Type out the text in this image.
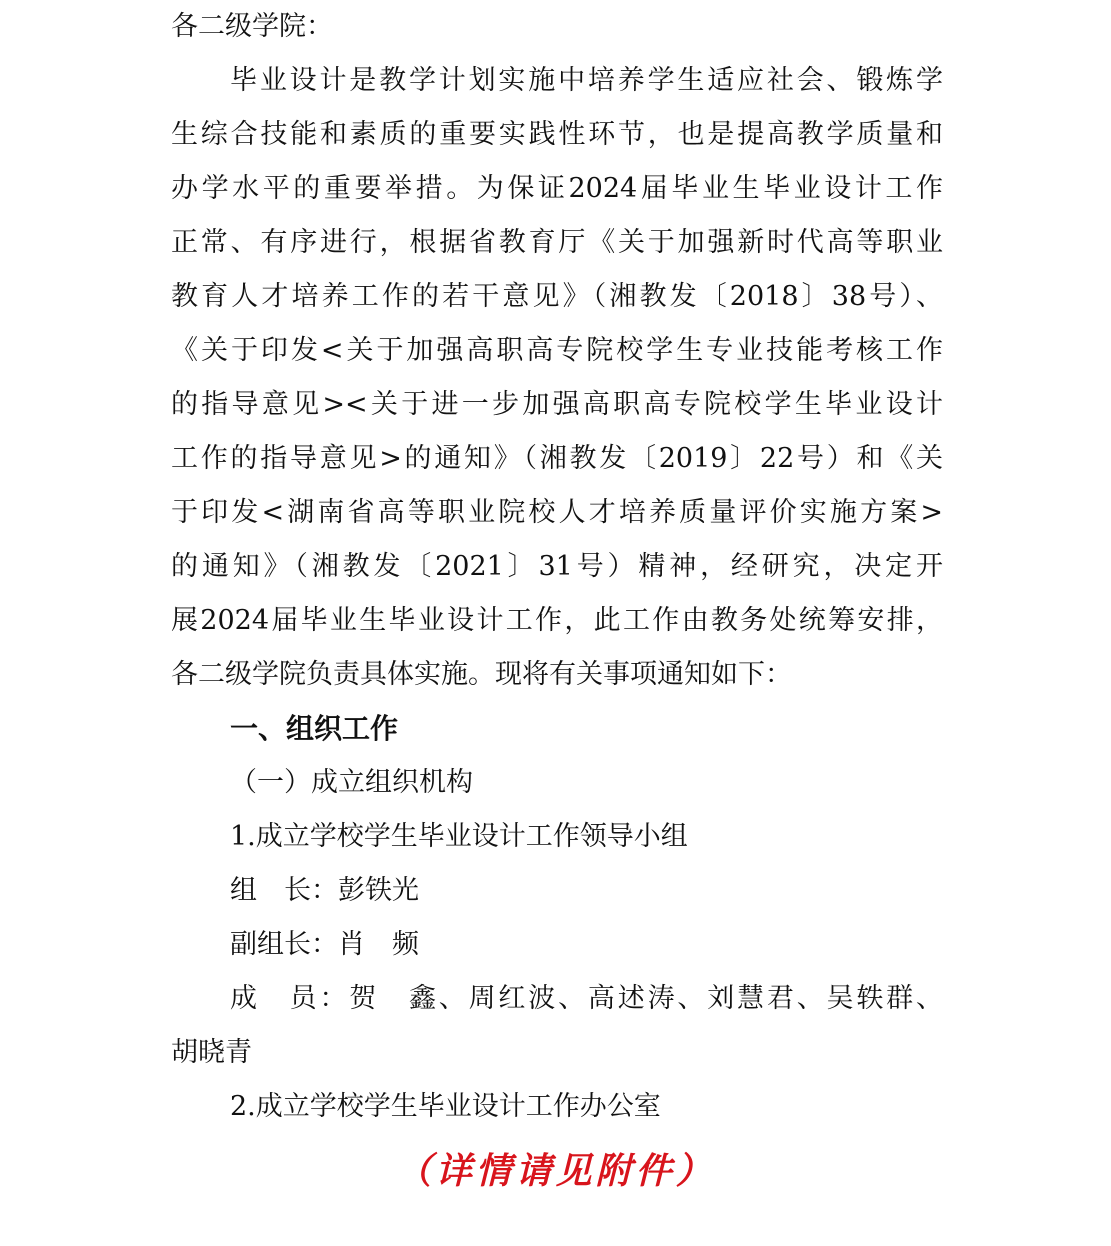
各二级学院：

毕业设计是教学计划实施中培养学生适应社会、锻炼学

生综合技能和素质的重要实践性环节，也是提高教学质量和

办学水平的重要举措。为保证2024届毕业生毕业设计工作

正常、有序进行，根据省教育厅《关于加强新时代高等职业

教育人才培养工作的若干意见》（湘教发〔2018〕38号）、

《关于印发<关于加强高职高专院校学生专业技能考核工作

的指导意见><关于进一步加强高职高专院校学生毕业设计

工作的指导意见>的通知》（湘教发〔2019〕22号）和《关

于印发<湖南省高等职业院校人才培养质量评价实施方案>

的通知》（湘教发〔2021〕31号）精神，经研究，决定开

展2024届毕业生毕业设计工作，此工作由教务处统筹安排，

各二级学院负责具体实施。现将有关事项通知如下：

一、组织工作

（一）成立组织机构

1.成立学校学生毕业设计工作领导小组

组　长：彭铁光

副组长：肖　频

成　员：贺　鑫、周红波、高述涛、刘慧君、吴轶群、

胡晓青

2.成立学校学生毕业设计工作办公室

（详情请见附件）
